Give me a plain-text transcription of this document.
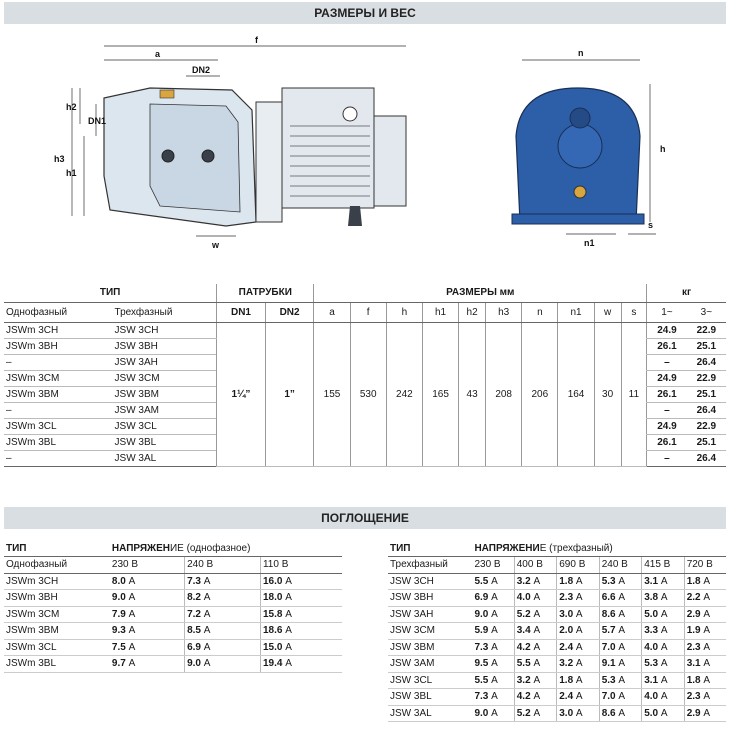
РАЗМЕРЫ И ВЕС
f
a
DN2
DN1
h2
h3
h1
w
n
h
n1
s
ТИП		ПАТРУБКИ		РАЗМЕРЫ мм										кг	
Однофазный	Трехфазный	DN1	DN2	a	f	h	h1	h2	h3	n	n1	w	s	1~	3~
JSWm 3CH	JSW 3CH	1¼”	1”	155	530	242	165	43	208	206	164	30	11	24.9	22.9
JSWm 3BH	JSW 3BH													26.1	25.1
–	JSW 3AH													–	26.4
JSWm 3CM	JSW 3CM													24.9	22.9
JSWm 3BM	JSW 3BM													26.1	25.1
–	JSW 3AM													–	26.4
JSWm 3CL	JSW 3CL													24.9	22.9
JSWm 3BL	JSW 3BL													26.1	25.1
–	JSW 3AL													–	26.4
ПОГЛОЩЕНИЕ
ТИП	НАПРЯЖЕНИЕ (однофазное)		
Однофазный	230 В	240 В	110 В
JSWm 3CH	8.0 А	7.3 А	16.0 А
JSWm 3BH	9.0 А	8.2 А	18.0 А
JSWm 3CM	7.9 А	7.2 А	15.8 А
JSWm 3BM	9.3 А	8.5 А	18.6 А
JSWm 3CL	7.5 А	6.9 А	15.0 А
JSWm 3BL	9.7 А	9.0 А	19.4 А
ТИП	НАПРЯЖЕНИЕ (трехфазный)					
Трехфазный	230 В	400 В	690 В	240 В	415 В	720 В
JSW 3CH	5.5 А	3.2 А	1.8 А	5.3 А	3.1 А	1.8 А
JSW 3BH	6.9 А	4.0 А	2.3 А	6.6 А	3.8 А	2.2 А
JSW 3AH	9.0 А	5.2 А	3.0 А	8.6 А	5.0 А	2.9 А
JSW 3CM	5.9 А	3.4 А	2.0 А	5.7 А	3.3 А	1.9 А
JSW 3BM	7.3 А	4.2 А	2.4 А	7.0 А	4.0 А	2.3 А
JSW 3AM	9.5 А	5.5 А	3.2 А	9.1 А	5.3 А	3.1 А
JSW 3CL	5.5 А	3.2 А	1.8 А	5.3 А	3.1 А	1.8 А
JSW 3BL	7.3 А	4.2 А	2.4 А	7.0 А	4.0 А	2.3 А
JSW 3AL	9.0 А	5.2 А	3.0 А	8.6 А	5.0 А	2.9 А
